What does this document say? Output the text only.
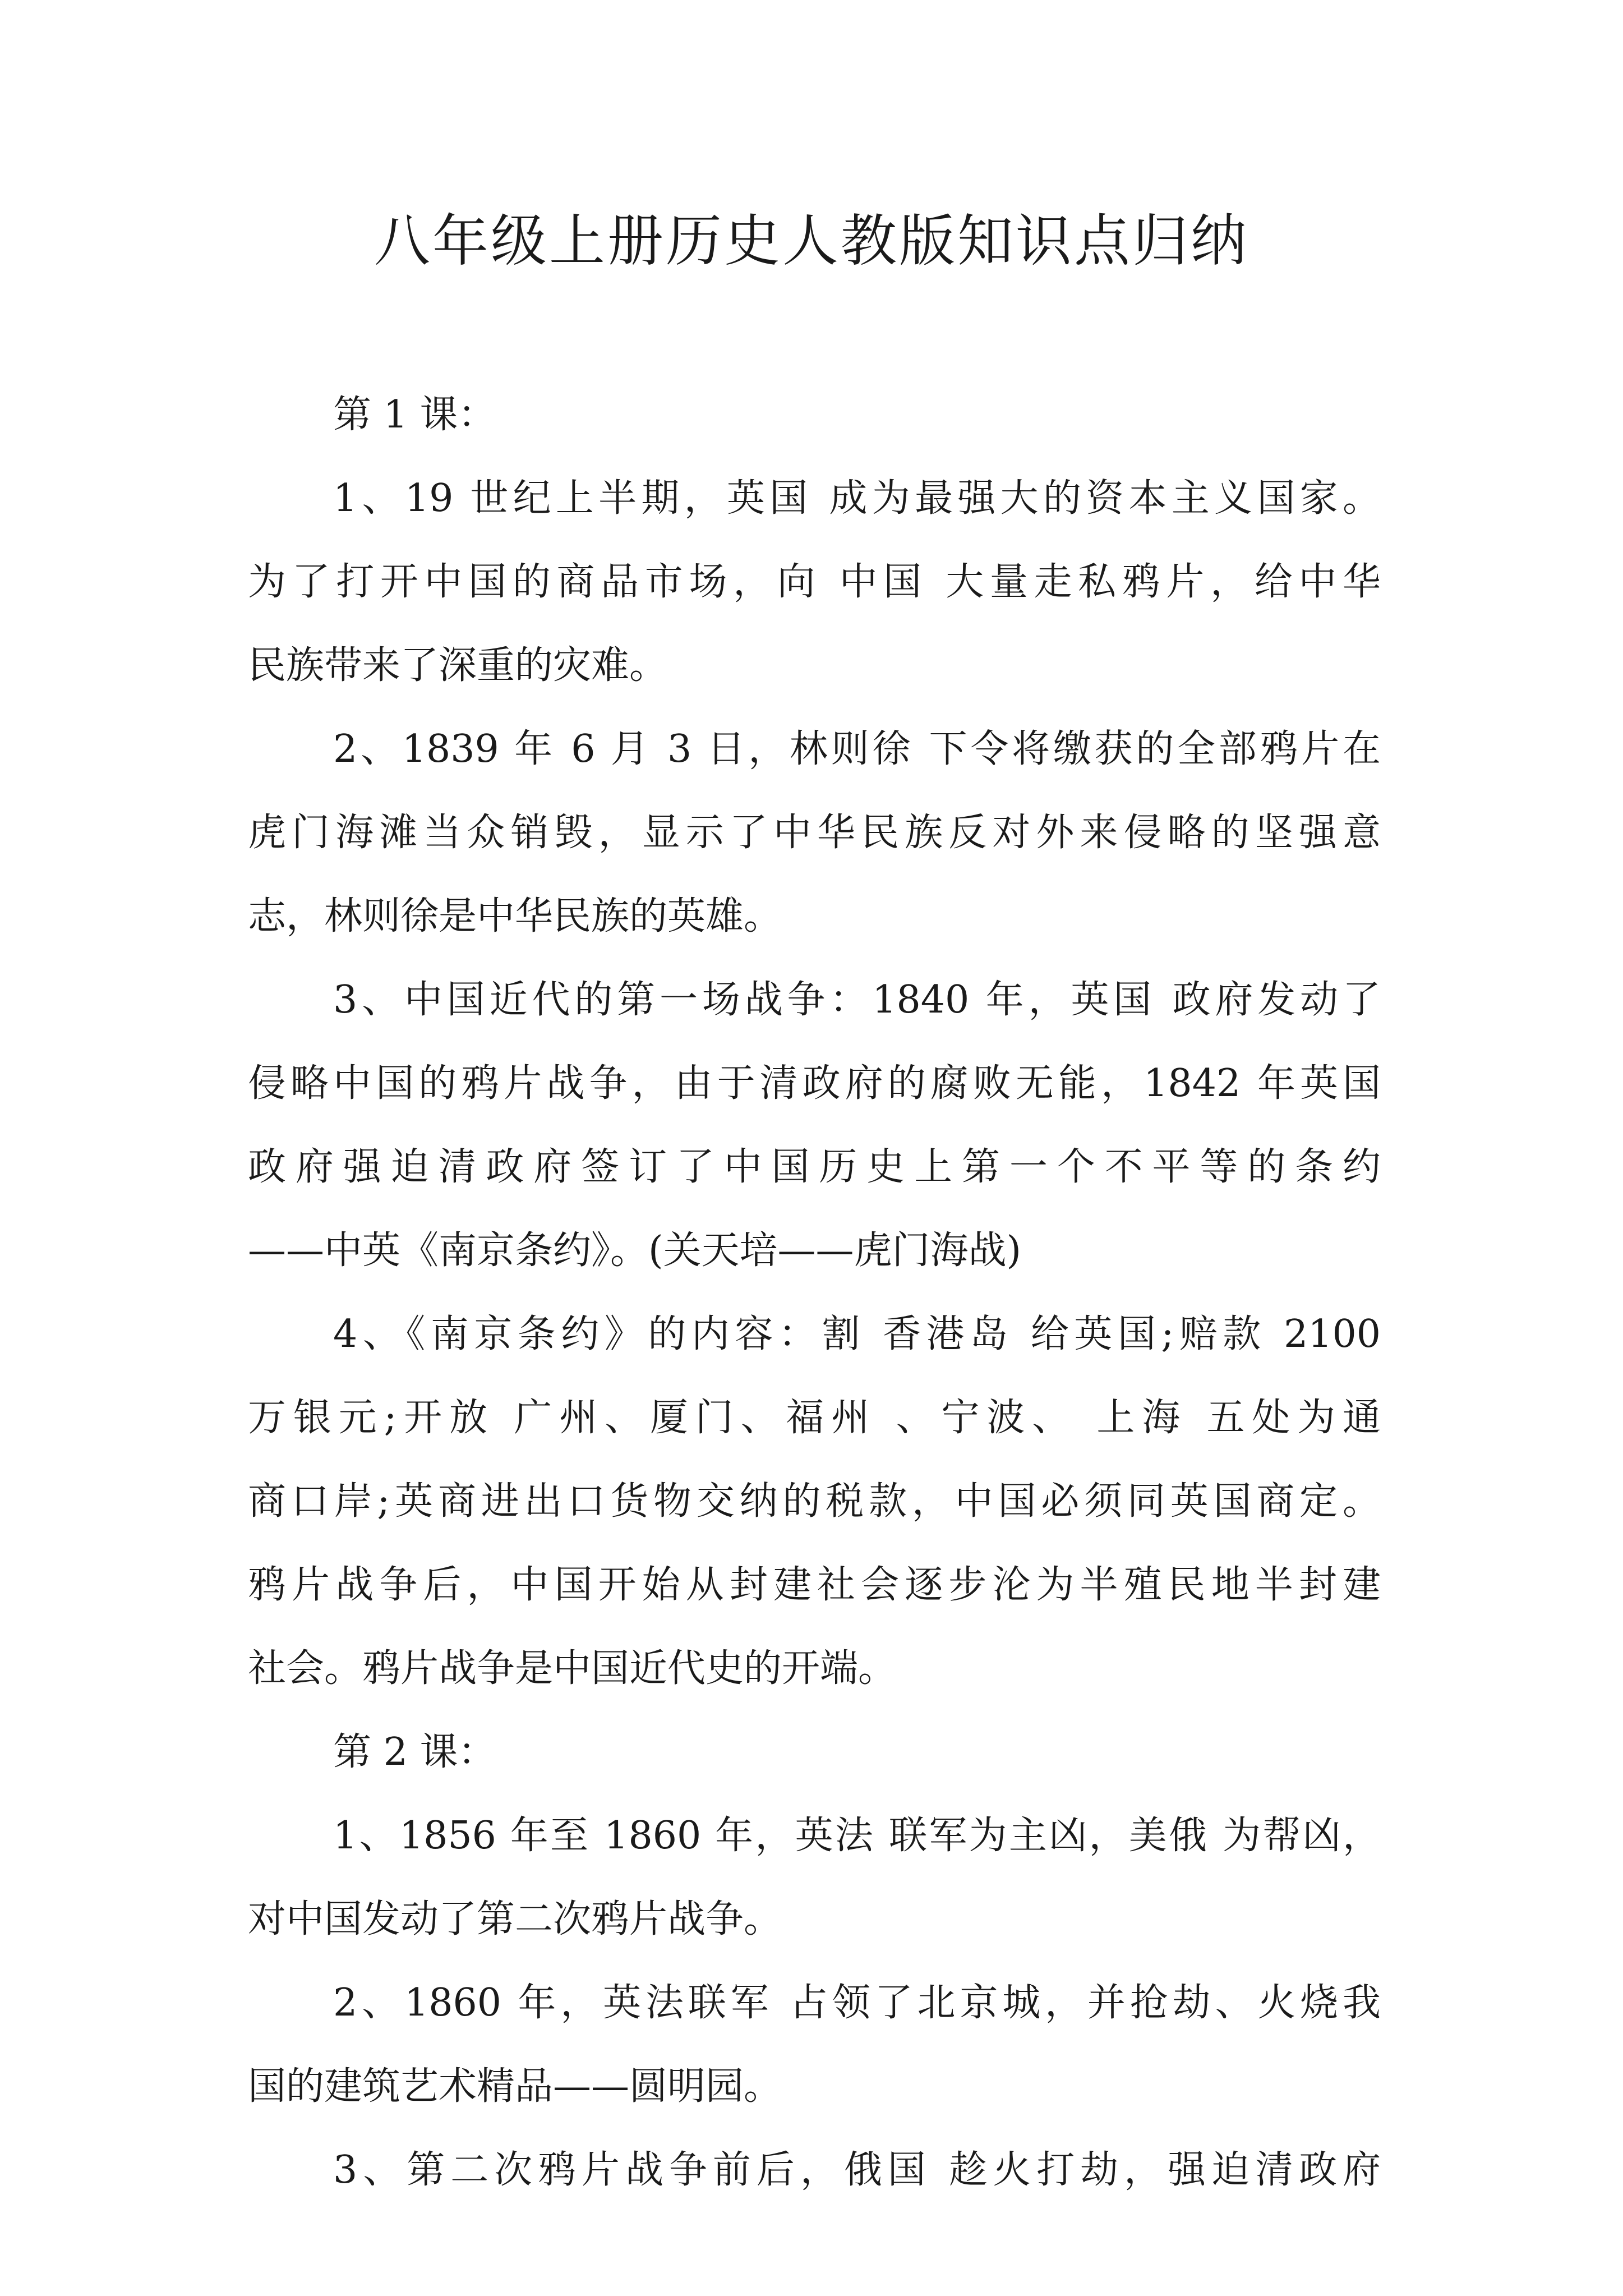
八年级上册历史人教版知识点归纳
第 1 课：
1、19 世纪上半期，英国 成为最强大的资本主义国家。
为了打开中国的商品市场，向 中国 大量走私鸦片，给中华
民族带来了深重的灾难。
2、1839 年 6 月 3 日，林则徐 下令将缴获的全部鸦片在
虎门海滩当众销毁，显示了中华民族反对外来侵略的坚强意
志，林则徐是中华民族的英雄。
3、中国近代的第一场战争：1840 年，英国 政府发动了
侵略中国的鸦片战争，由于清政府的腐败无能，1842 年英国
政府强迫清政府签订了中国历史上第一个不平等的条约
——中英《南京条约》。(关天培——虎门海战)
4、《南京条约》的内容：割 香港岛 给英国;赔款 2100
万银元;开放 广州、厦门、福州 、宁波、 上海 五处为通
商口岸;英商进出口货物交纳的税款，中国必须同英国商定。
鸦片战争后，中国开始从封建社会逐步沦为半殖民地半封建
社会。鸦片战争是中国近代史的开端。
第 2 课：
1、1856 年至 1860 年，英法 联军为主凶，美俄 为帮凶，
对中国发动了第二次鸦片战争。
2、1860 年，英法联军 占领了北京城，并抢劫、火烧我
国的建筑艺术精品——圆明园。
3、第二次鸦片战争前后，俄国 趁火打劫，强迫清政府
